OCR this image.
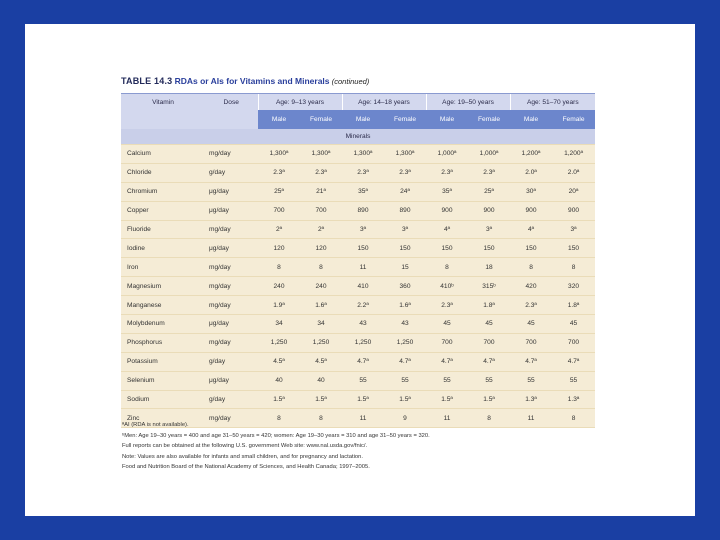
TABLE 14.3 RDAs or AIs for Vitamins and Minerals (continued)
Vitamin	Dose	Age: 9–13 years		Age: 14–18 years		Age: 19–50 years		Age: 51–70 years	
		Male	Female	Male	Female	Male	Female	Male	Female
Minerals									
Calcium	mg/day	1,300ª	1,300ª	1,300ª	1,300ª	1,000ª	1,000ª	1,200ª	1,200ª
Chloride	g/day	2.3ª	2.3ª	2.3ª	2.3ª	2.3ª	2.3ª	2.0ª	2.0ª
Chromium	μg/day	25ª	21ª	35ª	24ª	35ª	25ª	30ª	20ª
Copper	μg/day	700	700	890	890	900	900	900	900
Fluoride	mg/day	2ª	2ª	3ª	3ª	4ª	3ª	4ª	3ª
Iodine	μg/day	120	120	150	150	150	150	150	150
Iron	mg/day	8	8	11	15	8	18	8	8
Magnesium	mg/day	240	240	410	360	410ᵇ	315ᵇ	420	320
Manganese	mg/day	1.9ª	1.6ª	2.2ª	1.6ª	2.3ª	1.8ª	2.3ª	1.8ª
Molybdenum	μg/day	34	34	43	43	45	45	45	45
Phosphorus	mg/day	1,250	1,250	1,250	1,250	700	700	700	700
Potassium	g/day	4.5ª	4.5ª	4.7ª	4.7ª	4.7ª	4.7ª	4.7ª	4.7ª
Selenium	μg/day	40	40	55	55	55	55	55	55
Sodium	g/day	1.5ª	1.5ª	1.5ª	1.5ª	1.5ª	1.5ª	1.3ª	1.3ª
Zinc	mg/day	8	8	11	9	11	8	11	8
ªAI (RDA is not available).
ᵇMen: Age 19–30 years = 400 and age 31–50 years = 420; women: Age 19–30 years = 310 and age 31–50 years = 320.
Full reports can be obtained at the following U.S. government Web site: www.nal.usda.gov/fnic/.
Note: Values are also available for infants and small children, and for pregnancy and lactation.
Food and Nutrition Board of the National Academy of Sciences, and Health Canada; 1997–2005.
